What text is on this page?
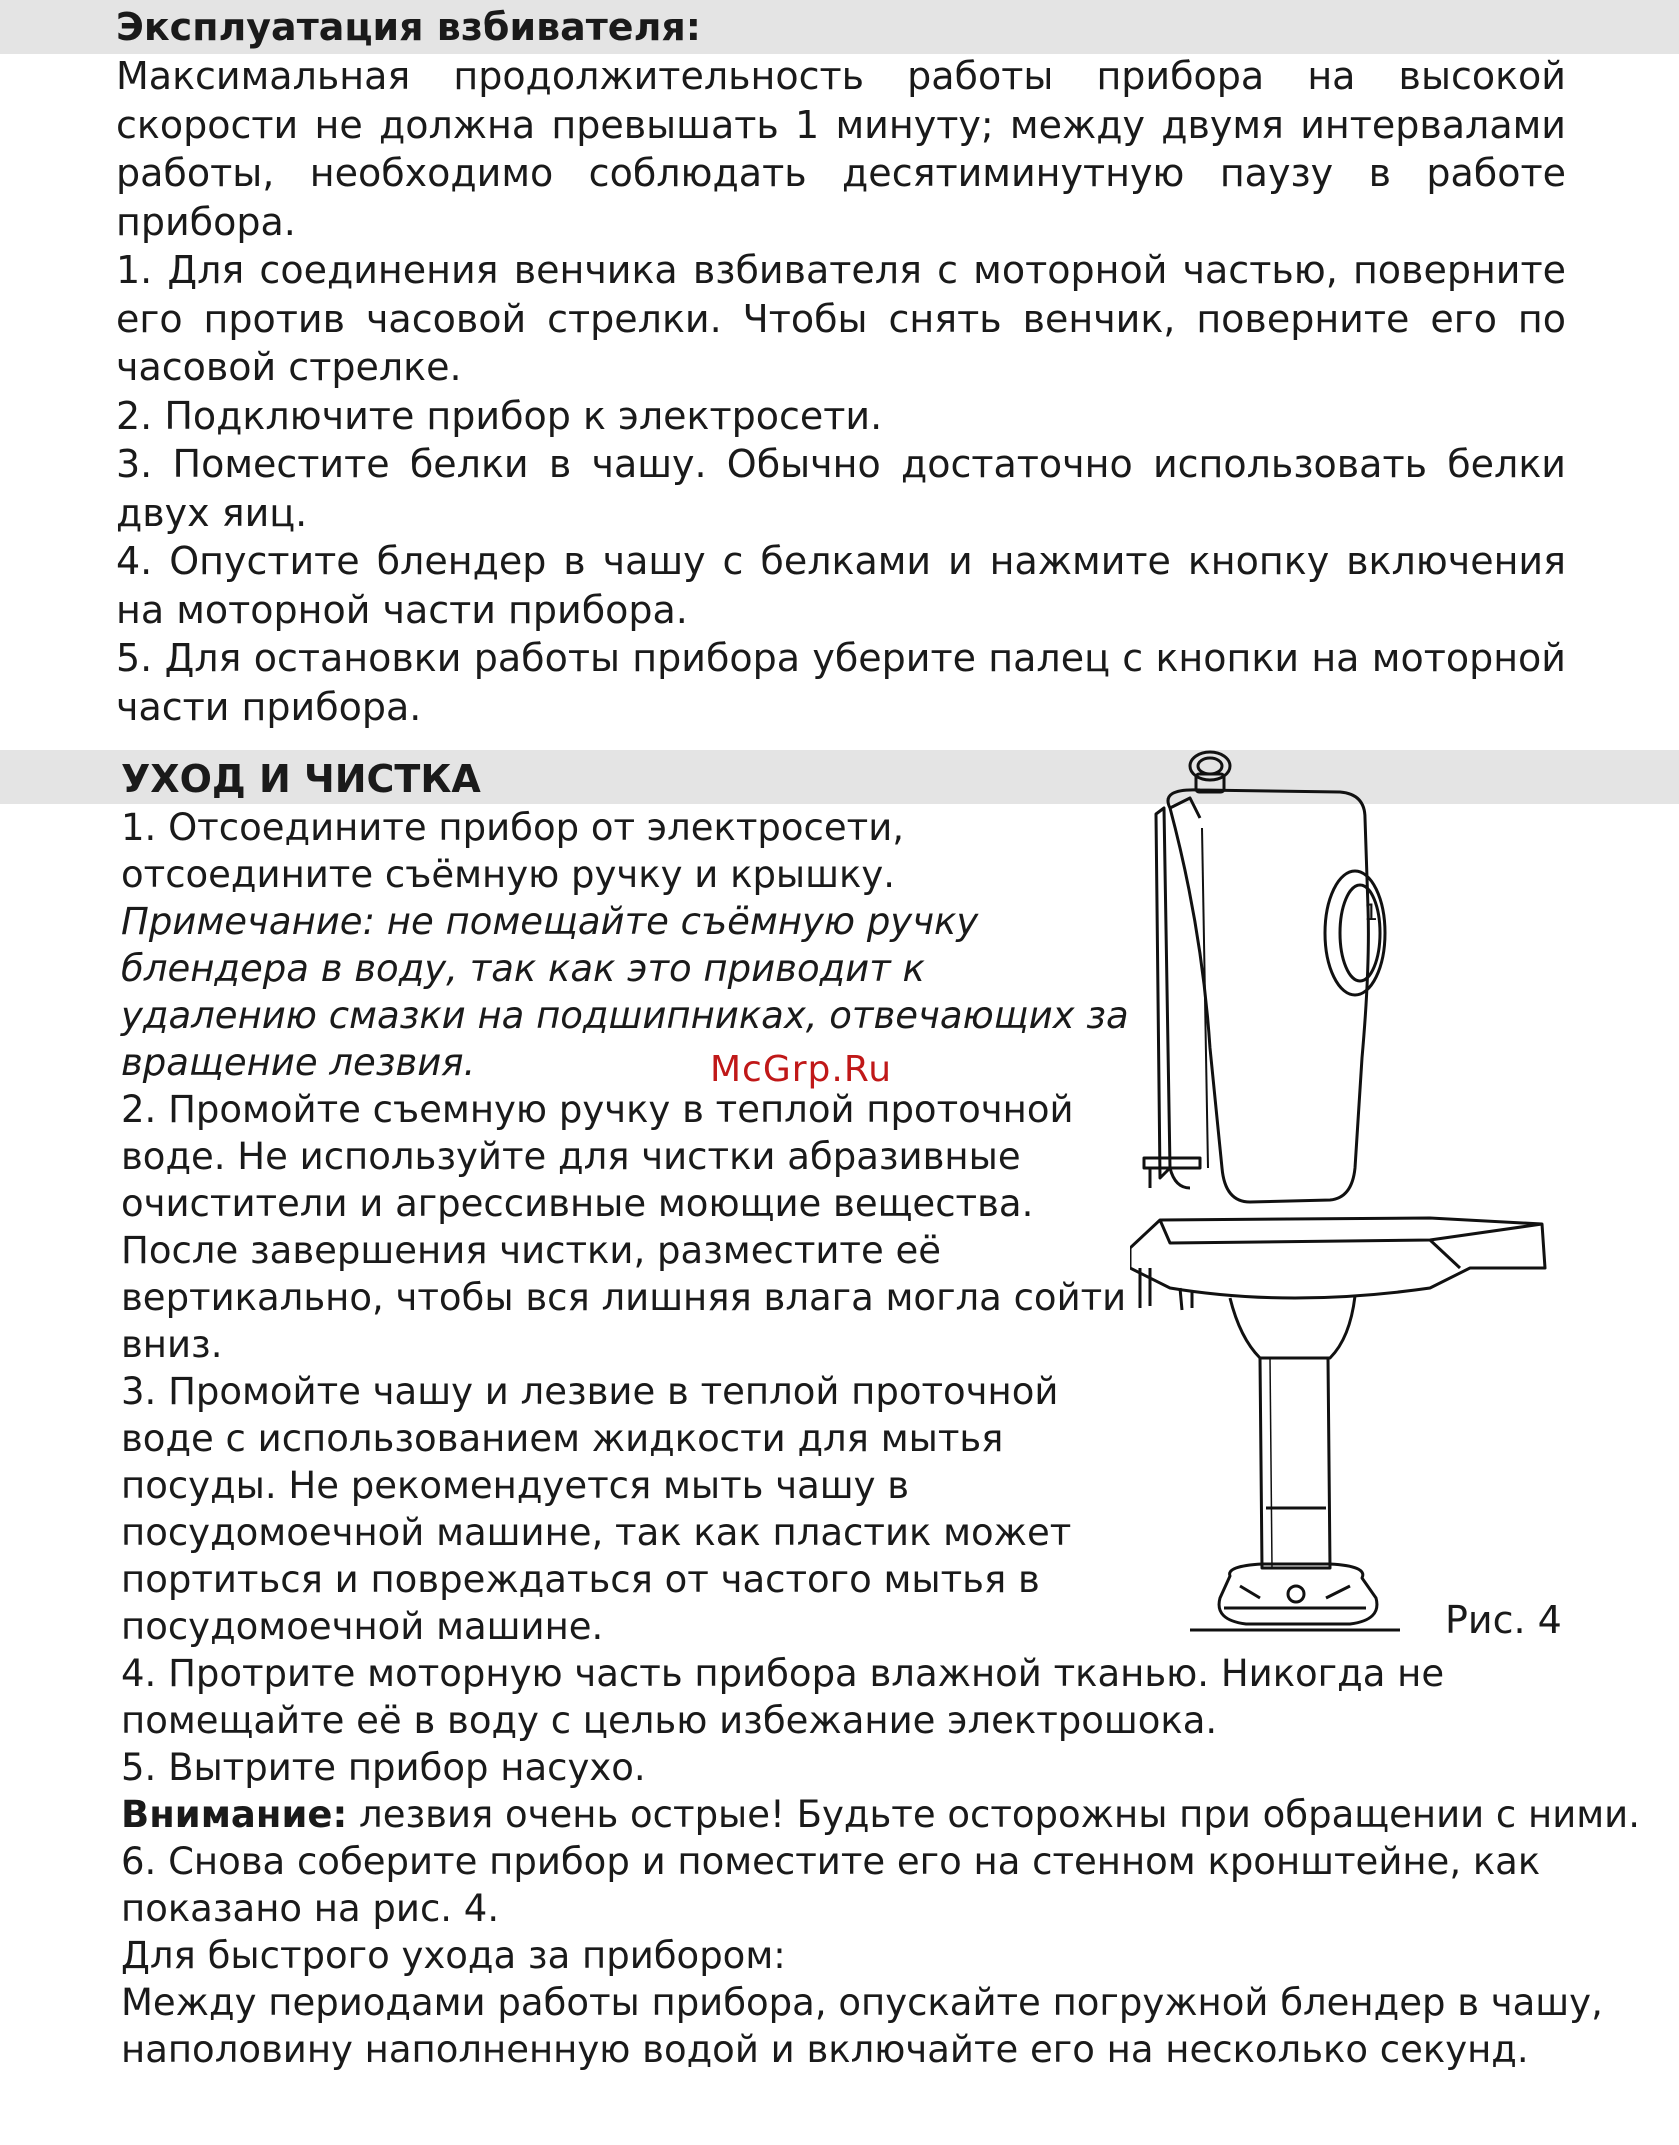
Эксплуатация взбивателя:

Максимальная продолжительность работы прибора на высокой скорости не должна превышать 1 минуту; между двумя интервалами работы, необходимо соблюдать десятиминутную паузу в работе прибора.

1. Для соединения венчика взбивателя с моторной частью, поверните его против часовой стрелки. Чтобы снять венчик, поверните его по часовой стрелке.

2. Подключите прибор к электросети.

3. Поместите белки в чашу. Обычно достаточно использовать белки двух яиц.

4. Опустите блендер в чашу с белками и нажмите кнопку включения на моторной части прибора.

5. Для остановки работы прибора уберите палец с кнопки на моторной части прибора.

УХОД И ЧИСТКА

1. Отсоедините прибор от электросети, отсоедините съёмную ручку и крышку.

Примечание: не помещайте съёмную ручку блендера в воду, так как это приводит к удалению смазки на подшипниках, отвечающих за вращение лезвия.

2. Промойте съемную ручку в теплой проточной воде. Не используйте для чистки абразивные очистители и агрессивные моющие вещества. После завершения чистки, разместите её вертикально, чтобы вся лишняя влага могла сойти вниз.

3. Промойте чашу и лезвие в теплой проточной воде с использованием жидкости для мытья посуды. Не рекомендуется мыть чашу в посудомоечной машине, так как пластик может портиться и повреждаться от частого мытья в посудомоечной машине.

McGrp.Ru
1
Рис. 4

4. Протрите моторную часть прибора влажной тканью. Никогда не помещайте её в воду с целью избежание электрошока.

5. Вытрите прибор насухо.

Внимание: лезвия очень острые! Будьте осторожны при обращении с ними.

6. Снова соберите прибор и поместите его на стенном кронштейне, как показано на рис. 4.

Для быстрого ухода за прибором:

Между периодами работы прибора, опускайте погружной блендер в чашу, наполовину наполненную водой и включайте его на несколько секунд.
